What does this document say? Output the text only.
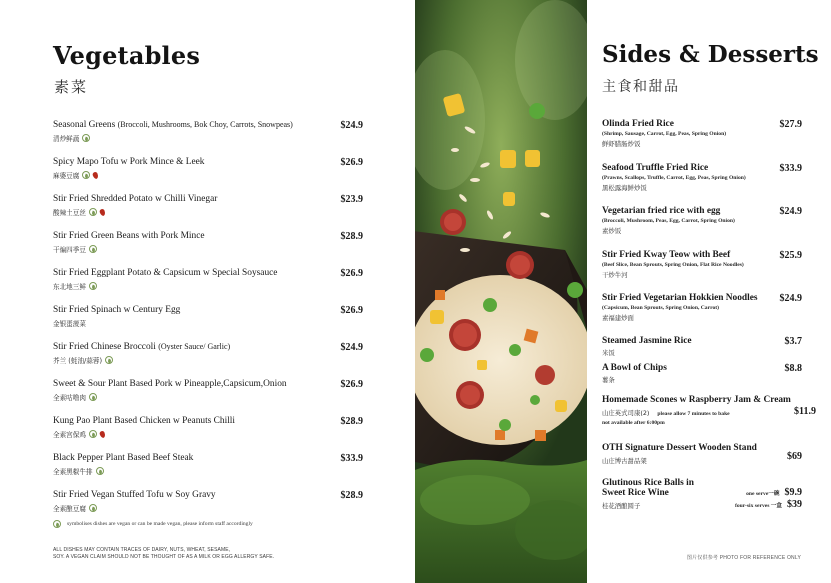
Vegetables
素菜
Seasonal Greens (Broccoli, Mushrooms, Bok Choy, Carrots, Snowpeas)
清炒鲜蔬
$24.9
Spicy Mapo Tofu w Pork Mince & Leek
麻婆豆腐
$26.9
Stir Fried Shredded Potato w Chilli Vinegar
酸辣土豆丝
$23.9
Stir Fried Green Beans with Pork Mince
干煸四季豆
$28.9
Stir Fried Eggplant Potato & Capsicum w Special Soysauce
东北地三鲜
$26.9
Stir Fried Spinach w Century Egg
金银蛋菠菜
$26.9
Stir Fried Chinese Broccoli (Oyster Sauce/ Garlic)
芥兰 (蚝油/蒜蓉)
$24.9
Sweet & Sour Plant Based Pork w Pineapple,Capsicum,Onion
全素咕噜肉
$26.9
Kung Pao Plant Based Chicken w Peanuts Chilli
全素宫保鸡
$28.9
Black Pepper Plant Based Beef Steak
全素黑椒牛排
$33.9
Stir Fried Vegan Stuffed Tofu w Soy Gravy
全素酿豆腐
$28.9
symbolises dishes are vegan or can be made vegan, please inform staff accordingly
ALL DISHES MAY CONTAIN TRACES OF DAIRY, NUTS, WHEAT, SESAME,
SOY. A VEGAN CLAIM SHOULD NOT BE THOUGHT OF AS A MILK OR EGG ALLERGY SAFE.
Sides & Desserts
主食和甜品
Olinda Fried Rice
(Shrimp, Sausage, Carrot, Egg, Peas, Spring Onion)
鲜虾腊肠炒饭
$27.9
Seafood Truffle Fried Rice
(Prawns, Scallops, Truffle, Carrot, Egg, Peas, Spring Onion)
黑松露海鲜炒饭
$33.9
Vegetarian fried rice with egg
(Broccoli, Mushroom, Peas, Egg, Carrot, Spring Onion)
素炒饭
$24.9
Stir Fried Kway Teow with Beef
(Beef Slice, Bean Sprouts, Spring Onion, Flat Rice Noodles)
干炒牛河
$25.9
Stir Fried Vegetarian Hokkien Noodles
(Capsicum, Bean Sprouts, Spring Onion, Carrot)
素福建炒面
$24.9
Steamed Jasmine Rice
米饭
$3.7
A Bowl of Chips
薯条
$8.8
Homemade Scones w Raspberry Jam & Cream
山庄英式司康(2) please allow 7 minutes to bake
not available after 6:00pm
$11.9
OTH Signature Dessert Wooden Stand
山庄博古甜品架	$69
Glutinous Rice Balls in
Sweet Rice Wine
桂花酒酿圆子
one serve一碗 $9.9
four-six serves 一盒 $39
图片仅供参考 PHOTO FOR REFERENCE ONLY
